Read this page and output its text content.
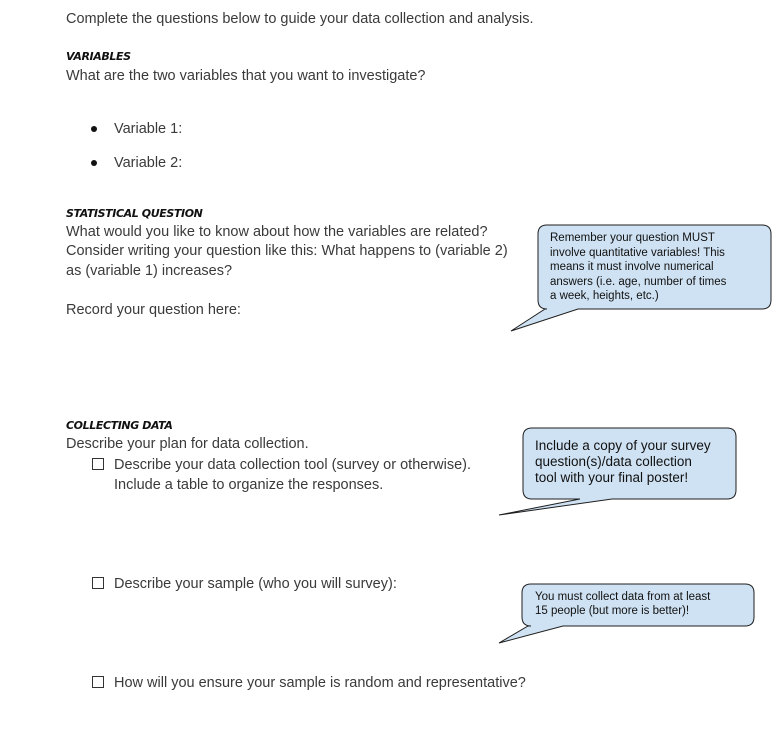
Complete the questions below to guide your data collection and analysis.
VARIABLES
What are the two variables that you want to investigate?
Variable 1:
Variable 2:
STATISTICAL QUESTION
What would you like to know about how the variables are related?
Consider writing your question like this: What happens to (variable 2)
as (variable 1) increases?
Record your question here:
Remember your question MUST
involve quantitative variables! This
means it must involve numerical
answers (i.e. age, number of times
a week, heights, etc.)
COLLECTING DATA
Describe your plan for data collection.
Describe your data collection tool (survey or otherwise).
Include a table to organize the responses.
Describe your sample (who you will survey):
How will you ensure your sample is random and representative?
Include a copy of your survey
question(s)/data collection
tool with your final poster!
You must collect data from at least
15 people (but more is better)!
